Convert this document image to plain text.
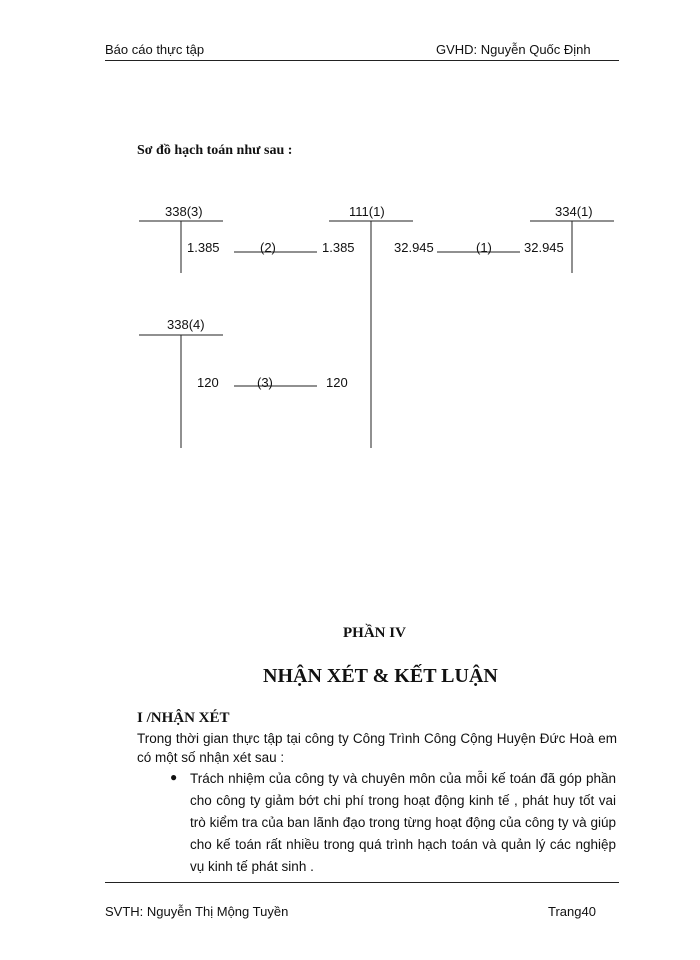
Báo cáo thực tập	GVHD: Nguyễn Quốc Định
Sơ đồ hạch toán như sau :
338(3)	111(1)	334(1)
338(4)
1.385	(2)	1.385	32.945	(1) 32.945
120	(3)	120
PHẦN IV
NHẬN XÉT & KẾT LUẬN
I /NHẬN XÉT
Trong thời gian thực tập tại công ty Công Trình Công Cộng Huyện Đức Hoà em có một số nhận xét sau :
● Trách nhiệm của công ty và chuyên môn của mỗi kế toán đã góp phần cho công ty giảm bớt chi phí trong hoạt động kinh tế , phát huy tốt vai trò kiểm tra của ban lãnh đạo trong từng hoạt động của công ty và giúp cho kế toán rất nhiều trong quá trình hạch toán và quản lý các nghiệp vụ kinh tế phát sinh .
SVTH: Nguyễn Thị Mộng Tuyền	Trang40
